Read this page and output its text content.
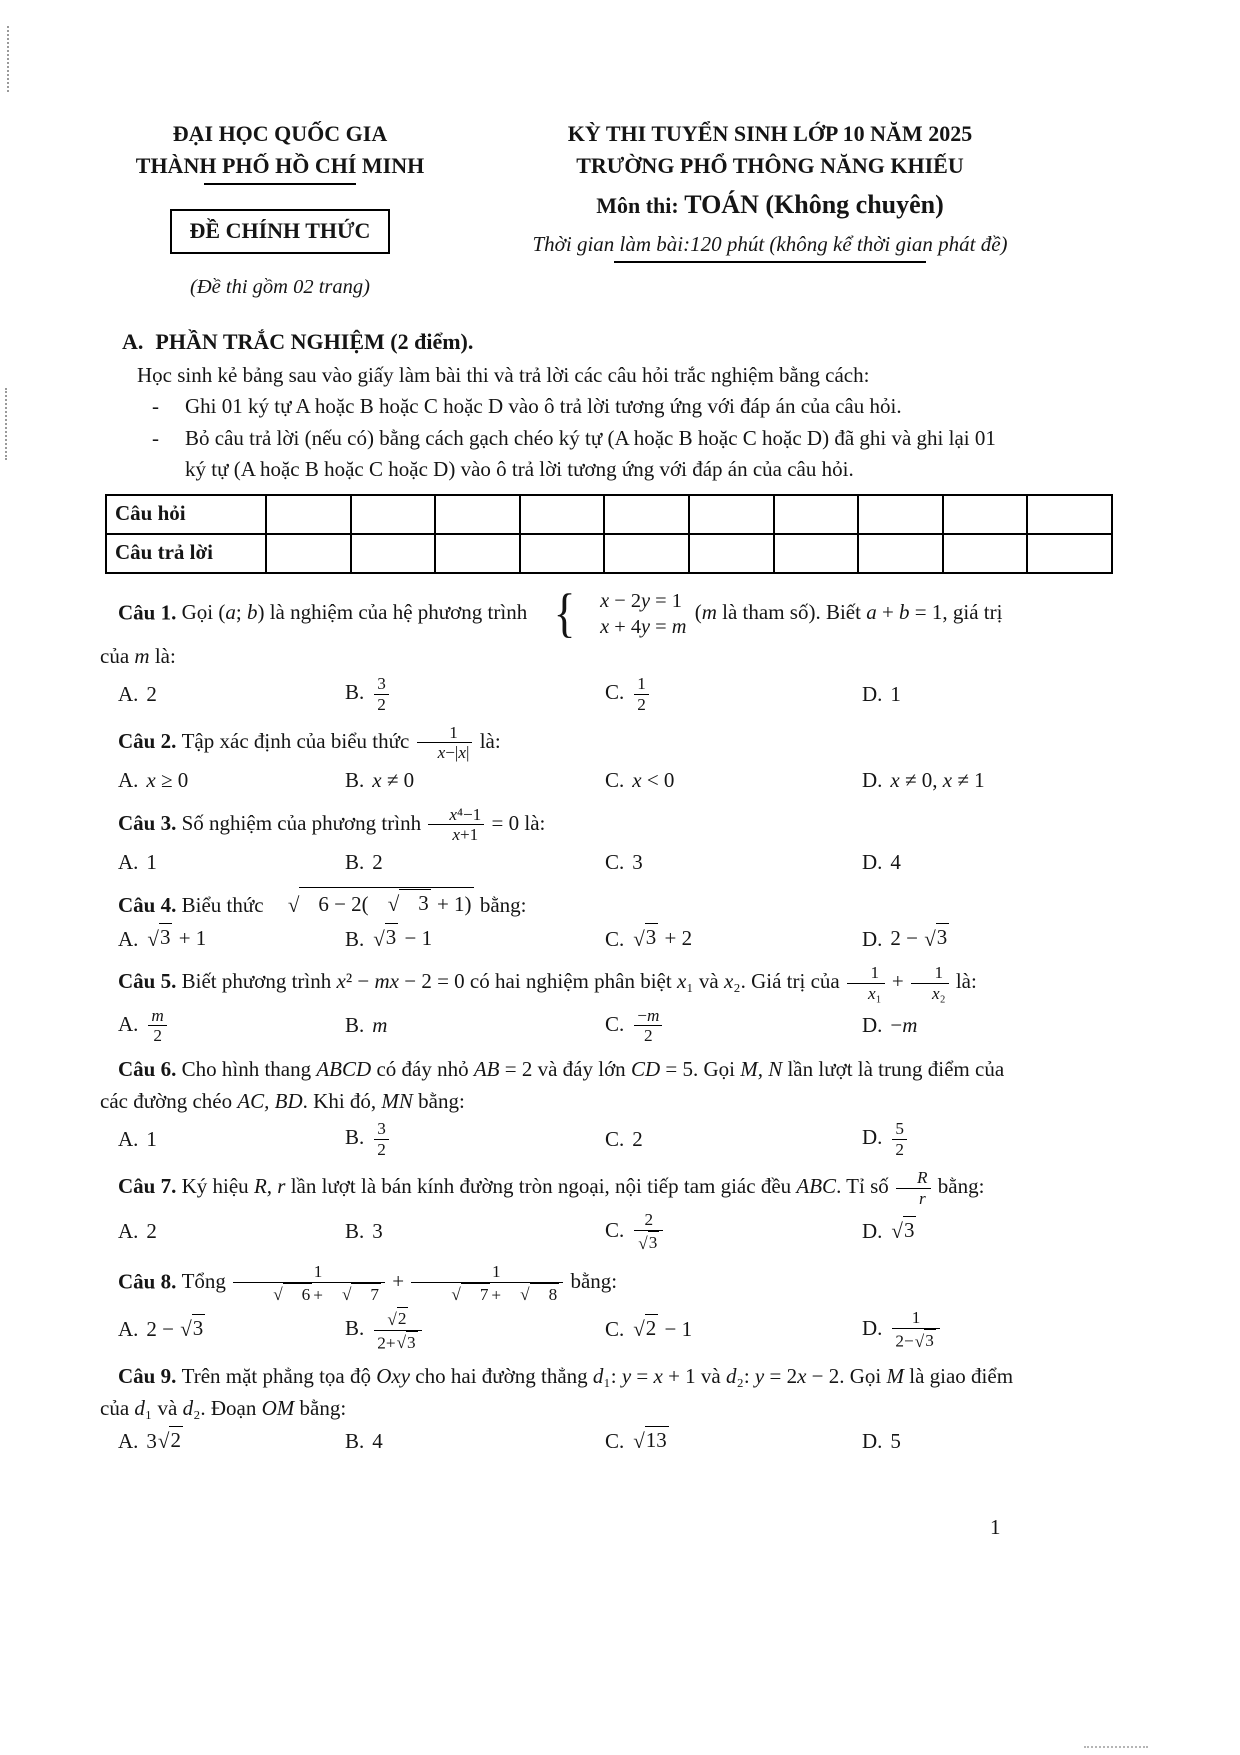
ĐẠI HỌC QUỐC GIA
THÀNH PHỐ HỒ CHÍ MINH
ĐỀ CHÍNH THỨC
(Đề thi gồm 02 trang)
KỲ THI TUYỂN SINH LỚP 10 NĂM 2025
TRƯỜNG PHỔ THÔNG NĂNG KHIẾU
Môn thi: TOÁN (Không chuyên)
Thời gian làm bài:120 phút (không kể thời gian phát đề)

A. PHẦN TRẮC NGHIỆM (2 điểm).

Học sinh kẻ bảng sau vào giấy làm bài thi và trả lời các câu hỏi trắc nghiệm bằng cách:

-	Ghi 01 ký tự A hoặc B hoặc C hoặc D vào ô trả lời tương ứng với đáp án của câu hỏi.
-	Bỏ câu trả lời (nếu có) bằng cách gạch chéo ký tự (A hoặc B hoặc C hoặc D) đã ghi và ghi lại 01 ký tự (A hoặc B hoặc C hoặc D) vào ô trả lời tương ứng với đáp án của câu hỏi.
Câu hỏi										
Câu trả lời										

Câu 1. Gọi (a; b) là nghiệm của hệ phương trình {	x − 2y = 1
x + 4y = m
(m là tham số). Biết a + b = 1, giá trị của m là:

A. 2	B. $\frac{3}{2}$	C. $\frac{1}{2}$	D. 1

Câu 2. Tập xác định của biểu thức $\frac{1}{x-|x|}$ là:

A. x ≥ 0	B. x ≠ 0	C. x < 0	D. x ≠ 0, x ≠ 1

Câu 3. Số nghiệm của phương trình $\frac{\text{x⁴−1}}{x+1} = 0$ là:

A. 1	B. 2	C. 3	D. 4

Câu 4. Biểu thức √ 6 − 2( √ 3 + 1) bằng:

A. √ 3 + 1	B. √ 3 − 1	C. √ 3 + 2	D. 2 − √ 3

Câu 5. Biết phương trình x² − mx − 2 = 0 có hai nghiệm phân biệt x₁ và x₂. Giá trị của $\frac{1}{\text{x₁}} + \frac{1}{\text{x₂}}$ là:

A. $\frac{m}{2}$	B. m	C. $\frac{-m}{2}$	D. −m

Câu 6. Cho hình thang ABCD có đáy nhỏ AB = 2 và đáy lớn CD = 5. Gọi M, N lần lượt là trung điểm của các đường chéo AC, BD. Khi đó, MN bằng:

A. 1	B. $\frac{3}{2}$	C. 2	D. $\frac{5}{2}$

Câu 7. Ký hiệu R, r lần lượt là bán kính đường tròn ngoại, nội tiếp tam giác đều ABC. Tỉ số $\frac{R}{r}$ bằng:

A. 2	B. 3	C. $\frac{2}{√ 3}$	D. √ 3

Câu 8. Tổng 1
√	6 +	√	7 + 1
√	7 +	√	8 bằng:

A. 2 − √ 3	B. $\frac{√ 2}{2+ √ 3}$	C. √ 2 − 1	D. $\frac{1}{2- √ 3}$

Câu 9. Trên mặt phẳng tọa độ Oxy cho hai đường thẳng d₁: y = x + 1 và d₂: y = 2x − 2. Gọi M là giao điểm của d₁ và d₂. Đoạn OM bằng:

A. 3 √ 2	B. 4	C. √ 13	D. 5
1
